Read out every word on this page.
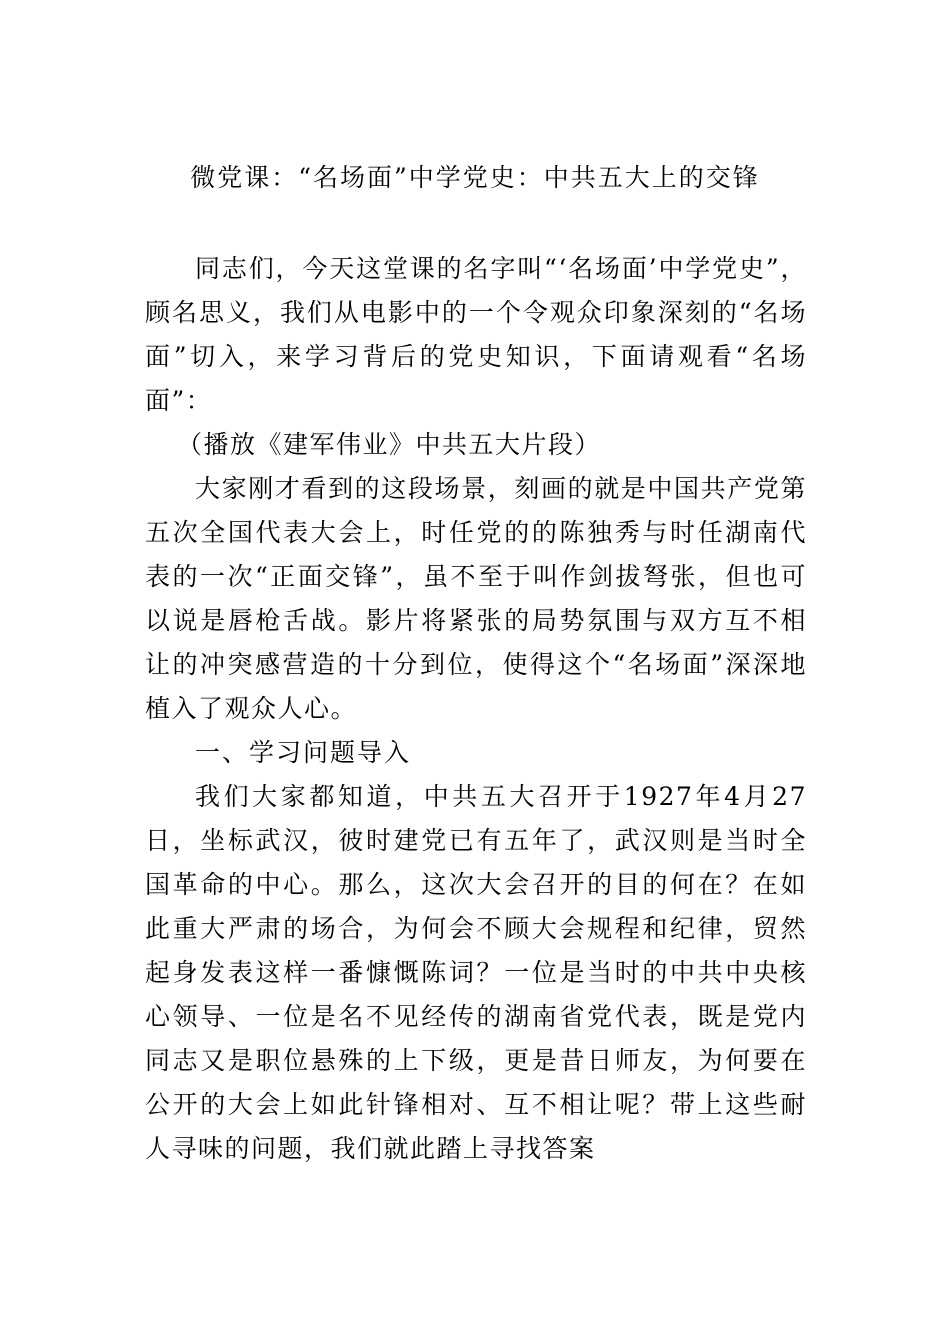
微党课：“名场面”中学党史：中共五大上的交锋

同志们，今天这堂课的名字叫“‘名场面’中学党史”，顾名思义，我们从电影中的一个令观众印象深刻的“名场面”切入，来学习背后的党史知识，下面请观看“名场面”：

（播放《建军伟业》中共五大片段）

大家刚才看到的这段场景，刻画的就是中国共产党第五次全国代表大会上，时任党的的陈独秀与时任湖南代表的一次“正面交锋”，虽不至于叫作剑拔弩张，但也可以说是唇枪舌战。影片将紧张的局势氛围与双方互不相让的冲突感营造的十分到位，使得这个“名场面”深深地植入了观众人心。

一、学习问题导入

我们大家都知道，中共五大召开于1927年4月27日，坐标武汉，彼时建党已有五年了，武汉则是当时全国革命的中心。那么，这次大会召开的目的何在？在如此重大严肃的场合，为何会不顾大会规程和纪律，贸然起身发表这样一番慷慨陈词？一位是当时的中共中央核心领导、一位是名不见经传的湖南省党代表，既是党内同志又是职位悬殊的上下级，更是昔日师友，为何要在公开的大会上如此针锋相对、互不相让呢？带上这些耐人寻味的问题，我们就此踏上寻找答案
